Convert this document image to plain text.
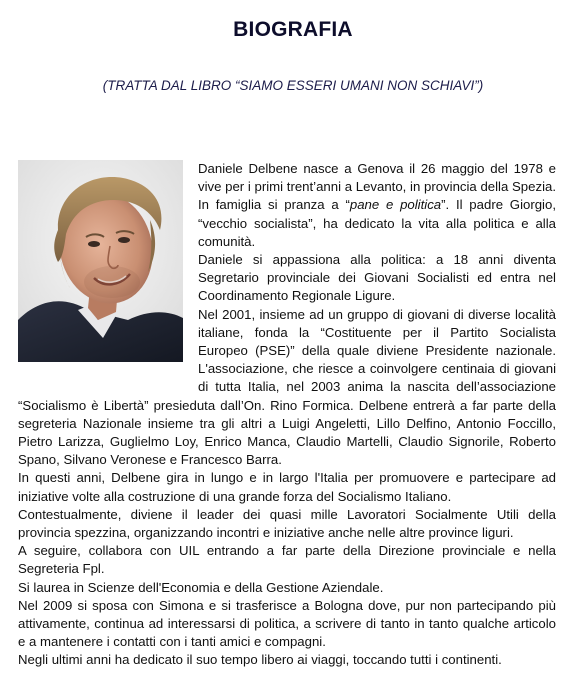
BIOGRAFIA
(TRATTA DAL LIBRO “SIAMO ESSERI UMANI NON SCHIAVI”)

Daniele Delbene nasce a Genova il 26 maggio del 1978 e vive per i primi trent’anni a Levanto, in provincia della Spezia. In famiglia si pranza a “pane e politica”. Il padre Giorgio, “vecchio socialista”, ha dedicato la vita alla politica e alla comunità.

Daniele si appassiona alla politica: a 18 anni diventa Segretario provinciale dei Giovani Socialisti ed entra nel Coordinamento Regionale Ligure.

Nel 2001, insieme ad un gruppo di giovani di diverse località italiane, fonda la “Costituente per il Partito Socialista Europeo (PSE)” della quale diviene Presidente nazionale. L'associazione, che riesce a coinvolgere centinaia di giovani di tutta Italia, nel 2003 anima la nascita dell’associazione “Socialismo è Libertà” presieduta dall’On. Rino Formica. Delbene entrerà a far parte della segreteria Nazionale insieme tra gli altri a Luigi Angeletti, Lillo Delfino, Antonio Foccillo, Pietro Larizza, Guglielmo Loy, Enrico Manca, Claudio Martelli, Claudio Signorile, Roberto Spano, Silvano Veronese e Francesco Barra.

In questi anni, Delbene gira in lungo e in largo l'Italia per promuovere e partecipare ad iniziative volte alla costruzione di una grande forza del Socialismo Italiano.

Contestualmente, diviene il leader dei quasi mille Lavoratori Socialmente Utili della provincia spezzina, organizzando incontri e iniziative anche nelle altre province liguri.

A seguire, collabora con UIL entrando a far parte della Direzione provinciale e nella Segreteria Fpl.

Si laurea in Scienze dell'Economia e della Gestione Aziendale.

Nel 2009 si sposa con Simona e si trasferisce a Bologna dove, pur non partecipando più attivamente, continua ad interessarsi di politica, a scrivere di tanto in tanto qualche articolo e a mantenere i contatti con i tanti amici e compagni.

Negli ultimi anni ha dedicato il suo tempo libero ai viaggi, toccando tutti i continenti.
